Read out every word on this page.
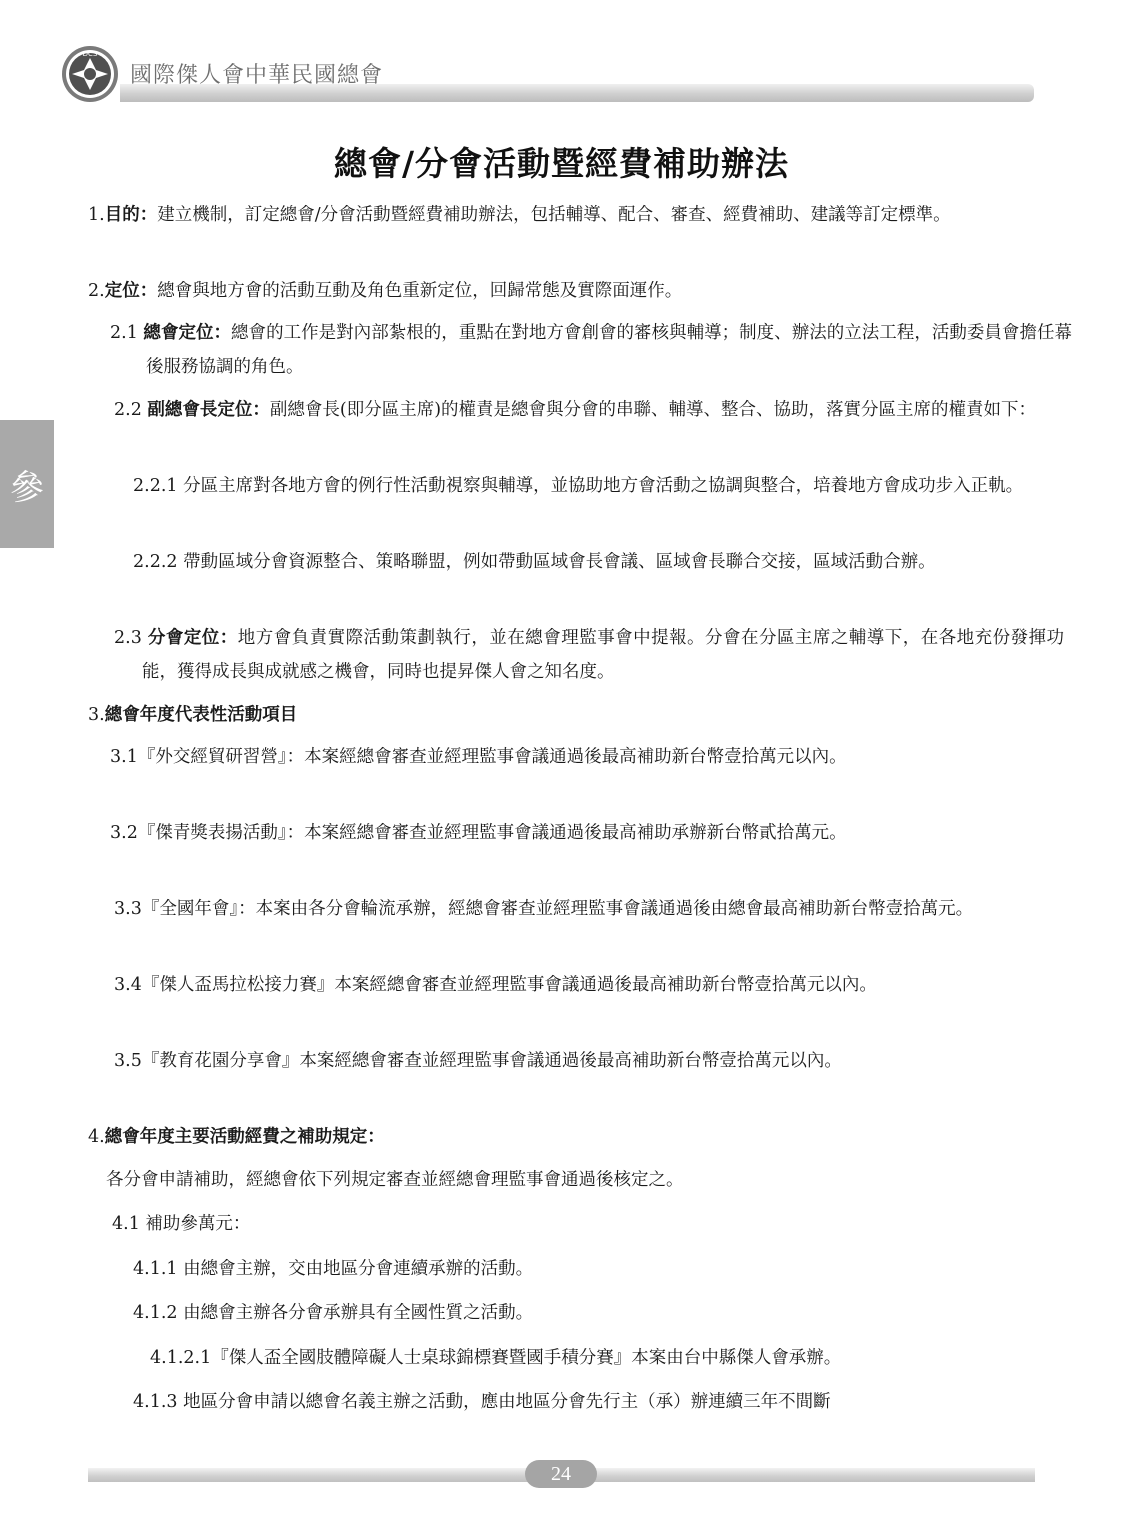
DCS
國際傑人會中華民國總會
參
總會/分會活動暨經費補助辦法
1.目的：建立機制，訂定總會/分會活動暨經費補助辦法，包括輔導、配合、審查、經費補助、建議等訂定標準。
2.定位：總會與地方會的活動互動及角色重新定位，回歸常態及實際面運作。
2.1 總會定位：總會的工作是對內部紮根的，重點在對地方會創會的審核與輔導；制度、辦法的立法工程，活動委員會擔任幕後服務協調的角色。
2.2 副總會長定位：副總會長(即分區主席)的權責是總會與分會的串聯、輔導、整合、協助，落實分區主席的權責如下：
2.2.1 分區主席對各地方會的例行性活動視察與輔導，並協助地方會活動之協調與整合，培養地方會成功步入正軌。
2.2.2 帶動區域分會資源整合、策略聯盟，例如帶動區域會長會議、區域會長聯合交接，區域活動合辦。
2.3 分會定位：地方會負責實際活動策劃執行，並在總會理監事會中提報。分會在分區主席之輔導下，在各地充份發揮功能，獲得成長與成就感之機會，同時也提昇傑人會之知名度。
3.總會年度代表性活動項目
3.1『外交經貿研習營』：本案經總會審查並經理監事會議通過後最高補助新台幣壹拾萬元以內。
3.2『傑青獎表揚活動』：本案經總會審查並經理監事會議通過後最高補助承辦新台幣貳拾萬元。
3.3『全國年會』：本案由各分會輪流承辦，經總會審查並經理監事會議通過後由總會最高補助新台幣壹拾萬元。
3.4『傑人盃馬拉松接力賽』本案經總會審查並經理監事會議通過後最高補助新台幣壹拾萬元以內。
3.5『教育花園分享會』本案經總會審查並經理監事會議通過後最高補助新台幣壹拾萬元以內。
4.總會年度主要活動經費之補助規定：
各分會申請補助，經總會依下列規定審查並經總會理監事會通過後核定之。
4.1 補助參萬元：
4.1.1 由總會主辦，交由地區分會連續承辦的活動。
4.1.2 由總會主辦各分會承辦具有全國性質之活動。
4.1.2.1『傑人盃全國肢體障礙人士桌球錦標賽暨國手積分賽』本案由台中縣傑人會承辦。
4.1.3 地區分會申請以總會名義主辦之活動，應由地區分會先行主（承）辦連續三年不間斷
24
